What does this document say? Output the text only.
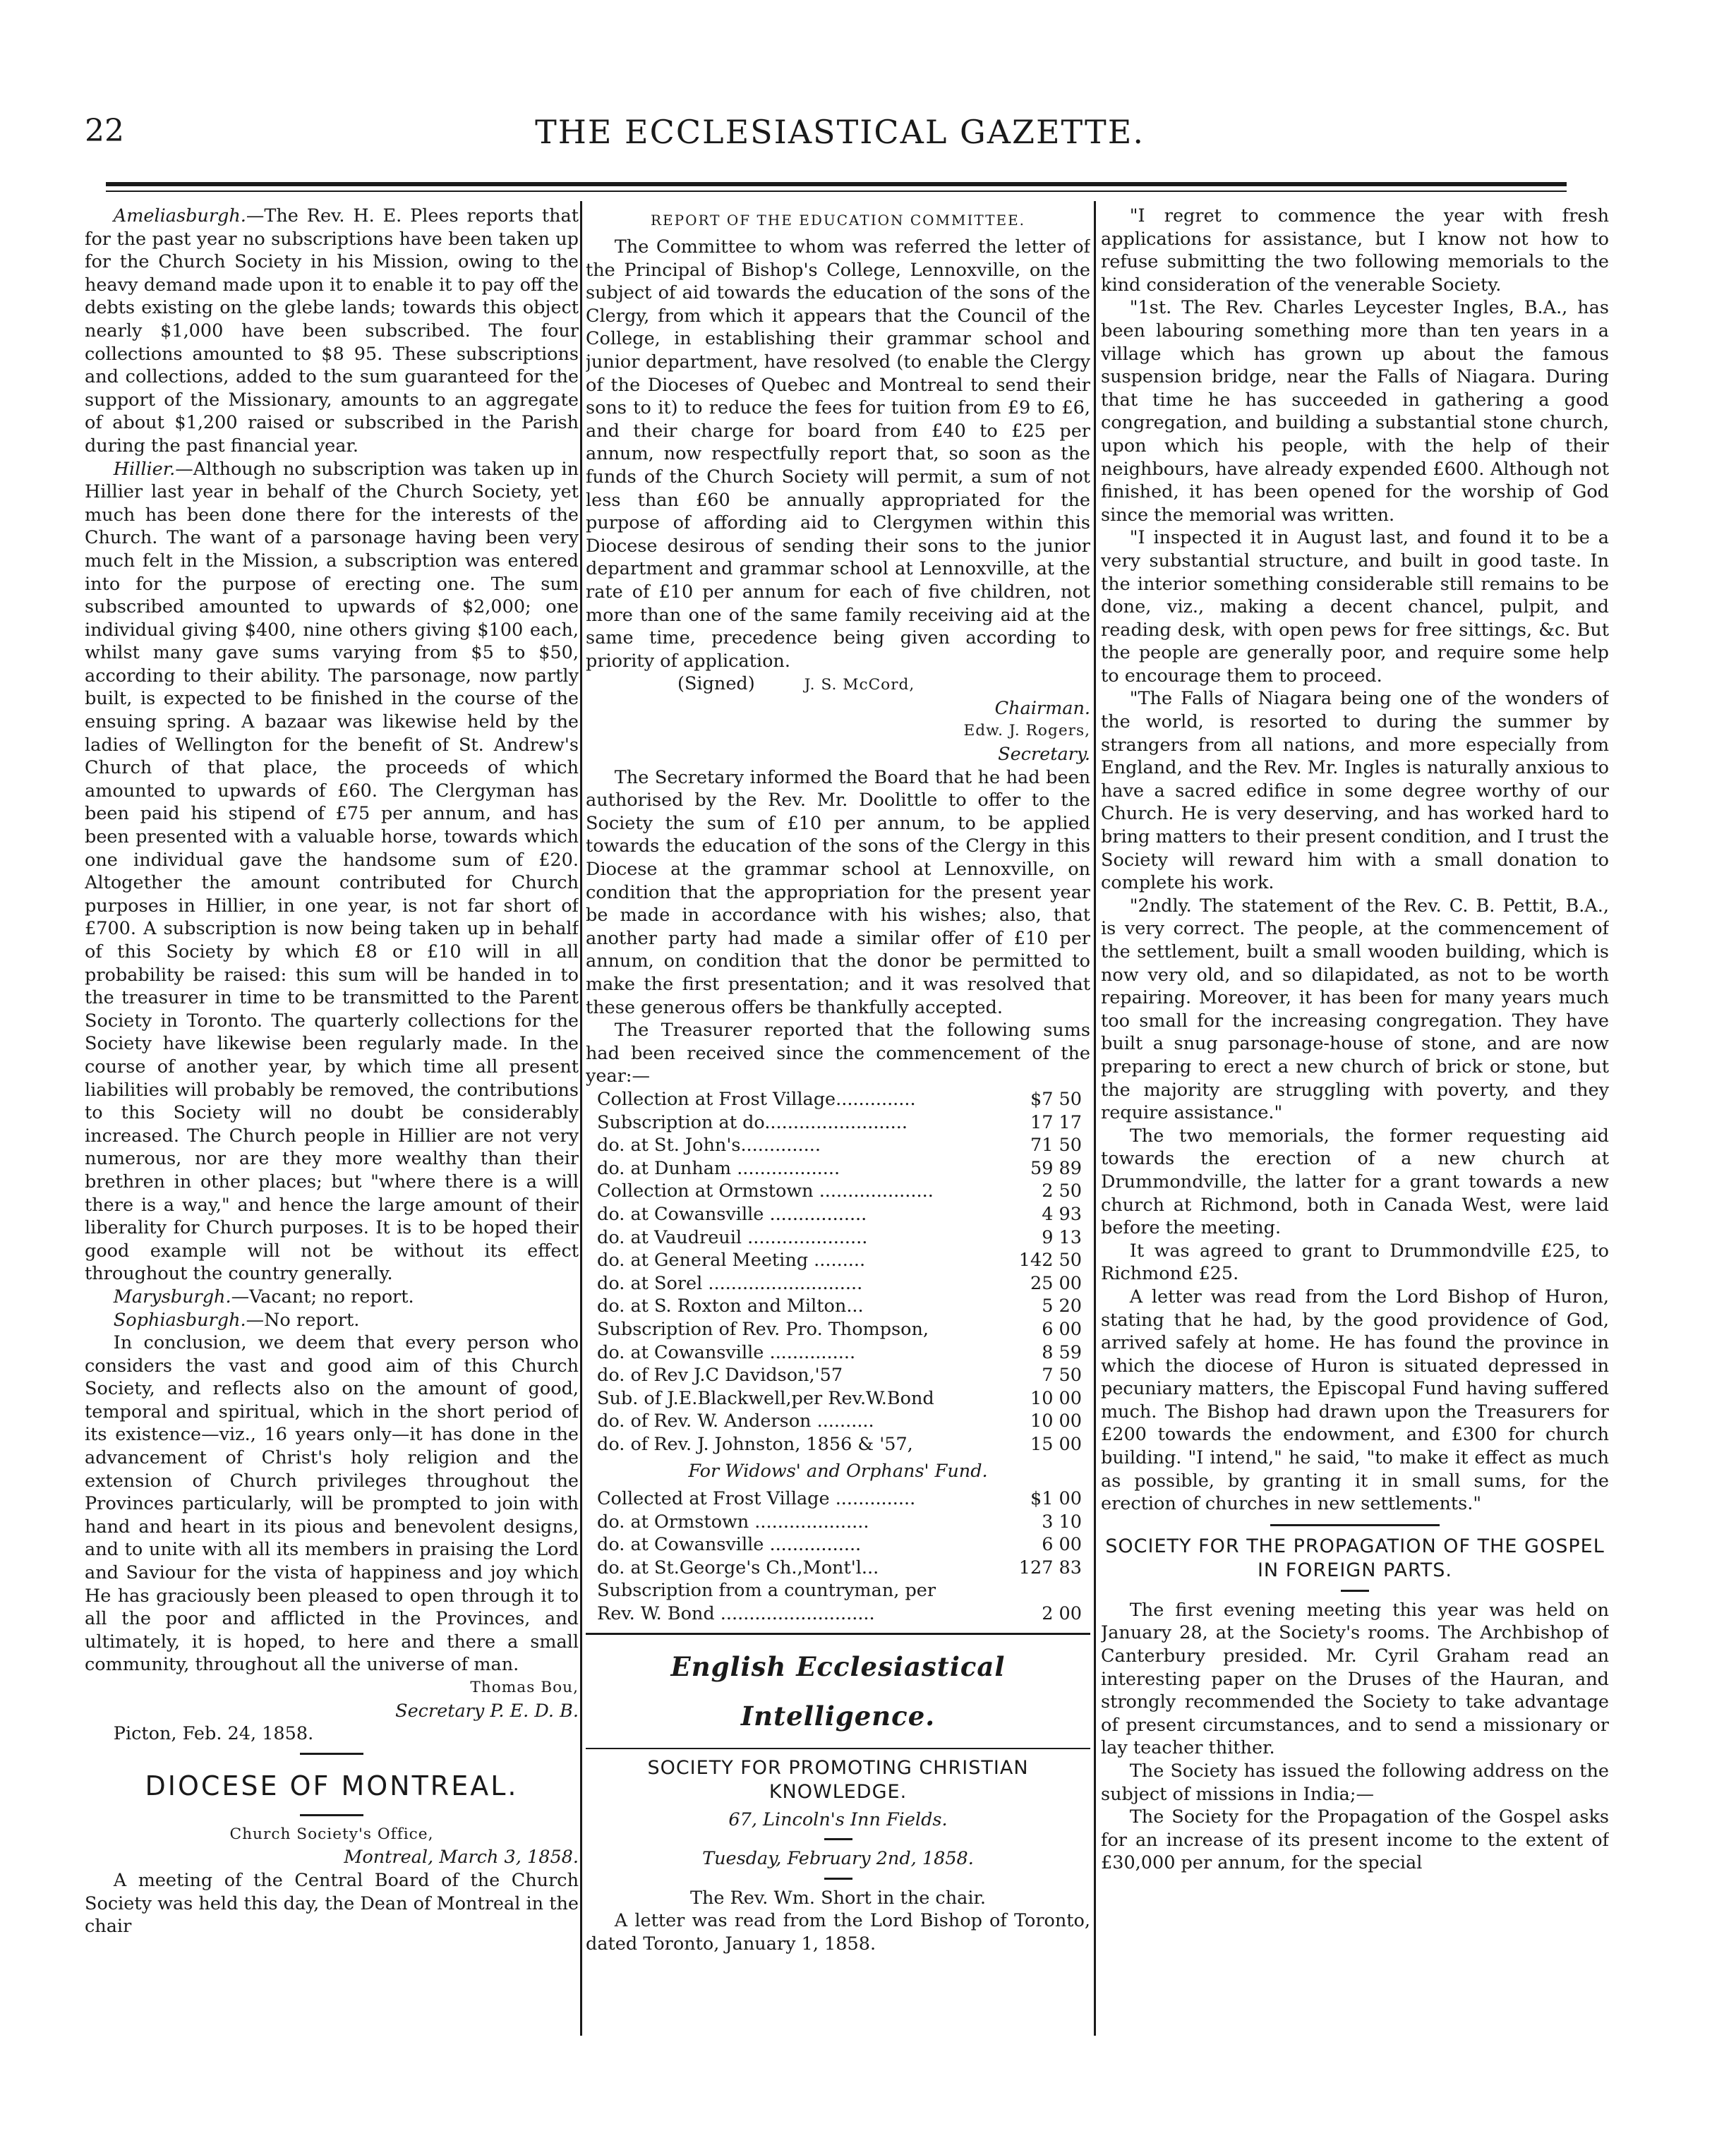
22	THE ECCLESIASTICAL GAZETTE.

Ameliasburgh.—The Rev. H. E. Plees reports that for the past year no subscriptions have been taken up for the Church Society in his Mission, owing to the heavy demand made upon it to enable it to pay off the debts existing on the glebe lands; towards this object nearly $1,000 have been subscribed. The four collections amounted to $8 95. These subscriptions and collections, added to the sum guaranteed for the support of the Missionary, amounts to an aggregate of about $1,200 raised or subscribed in the Parish during the past financial year.

Hillier.—Although no subscription was taken up in Hillier last year in behalf of the Church Society, yet much has been done there for the interests of the Church. The want of a parsonage having been very much felt in the Mission, a subscription was entered into for the purpose of erecting one. The sum subscribed amounted to upwards of $2,000; one individual giving $400, nine others giving $100 each, whilst many gave sums varying from $5 to $50, according to their ability. The parsonage, now partly built, is expected to be finished in the course of the ensuing spring. A bazaar was likewise held by the ladies of Wellington for the benefit of St. Andrew's Church of that place, the proceeds of which amounted to upwards of £60. The Clergyman has been paid his stipend of £75 per annum, and has been presented with a valuable horse, towards which one individual gave the handsome sum of £20. Altogether the amount contributed for Church purposes in Hillier, in one year, is not far short of £700. A subscription is now being taken up in behalf of this Society by which £8 or £10 will in all probability be raised: this sum will be handed in to the treasurer in time to be transmitted to the Parent Society in Toronto. The quarterly collections for the Society have likewise been regularly made. In the course of another year, by which time all present liabilities will probably be removed, the contributions to this Society will no doubt be considerably increased. The Church people in Hillier are not very numerous, nor are they more wealthy than their brethren in other places; but "where there is a will there is a way," and hence the large amount of their liberality for Church purposes. It is to be hoped their good example will not be without its effect throughout the country generally.

Marysburgh.—Vacant; no report.

Sophiasburgh.—No report.

In conclusion, we deem that every person who considers the vast and good aim of this Church Society, and reflects also on the amount of good, temporal and spiritual, which in the short period of its existence—viz., 16 years only—it has done in the advancement of Christ's holy religion and the extension of Church privileges throughout the Provinces particularly, will be prompted to join with hand and heart in its pious and benevolent designs, and to unite with all its members in praising the Lord and Saviour for the vista of happiness and joy which He has graciously been pleased to open through it to all the poor and afflicted in the Provinces, and ultimately, it is hoped, to here and there a small community, throughout all the universe of man.

Thomas Bou,

Secretary P. E. D. B.

Picton, Feb. 24, 1858.

DIOCESE OF MONTREAL.

Church Society's Office,

Montreal, March 3, 1858.

A meeting of the Central Board of the Church Society was held this day, the Dean of Montreal in the chair

REPORT OF THE EDUCATION COMMITTEE.

The Committee to whom was referred the letter of the Principal of Bishop's College, Lennoxville, on the subject of aid towards the education of the sons of the Clergy, from which it appears that the Council of the College, in establishing their grammar school and junior department, have resolved (to enable the Clergy of the Dioceses of Quebec and Montreal to send their sons to it) to reduce the fees for tuition from £9 to £6, and their charge for board from £40 to £25 per annum, now respectfully report that, so soon as the funds of the Church Society will permit, a sum of not less than £60 be annually appropriated for the purpose of affording aid to Clergymen within this Diocese desirous of sending their sons to the junior department and grammar school at Lennoxville, at the rate of £10 per annum for each of five children, not more than one of the same family receiving aid at the same time, precedence being given according to priority of application.

(Signed)	J. S. McCord,

Chairman.

Edw. J. Rogers,

Secretary.

The Secretary informed the Board that he had been authorised by the Rev. Mr. Doolittle to offer to the Society the sum of £10 per annum, to be applied towards the education of the sons of the Clergy in this Diocese at the grammar school at Lennoxville, on condition that the appropriation for the present year be made in accordance with his wishes; also, that another party had made a similar offer of £10 per annum, on condition that the donor be permitted to make the first presentation; and it was resolved that these generous offers be thankfully accepted.

The Treasurer reported that the following sums had been received since the commencement of the year:—

Collection at Frost Village..............	$7 50
Subscription at do.........................	17 17
do. at St. John's..............	71 50
do. at Dunham ..................	59 89
Collection at Ormstown ....................	2 50
do. at Cowansville .................	4 93
do. at Vaudreuil .....................	9 13
do. at General Meeting .........	142 50
do. at Sorel ...........................	25 00
do. at S. Roxton and Milton...	5 20
Subscription of Rev. Pro. Thompson,	6 00
do. at Cowansville ...............	8 59
do. of Rev J.C Davidson,'57	7 50
Sub. of J.E.Blackwell,per Rev.W.Bond	10 00
do. of Rev. W. Anderson ..........	10 00
do. of Rev. J. Johnston, 1856 & '57,	15 00
For Widows' and Orphans' Fund.
Collected at Frost Village ..............	$1 00
do. at Ormstown ....................	3 10
do. at Cowansville ................	6 00
do. at St.George's Ch.,Mont'l...	127 83
Subscription from a countryman, per	
Rev. W. Bond ...........................	2 00
English Ecclesiastical Intelligence.
SOCIETY FOR PROMOTING CHRISTIAN KNOWLEDGE.

67, Lincoln's Inn Fields.

Tuesday, February 2nd, 1858.

The Rev. Wm. Short in the chair.

A letter was read from the Lord Bishop of Toronto, dated Toronto, January 1, 1858.

"I regret to commence the year with fresh applications for assistance, but I know not how to refuse submitting the two following memorials to the kind consideration of the venerable Society.

"1st. The Rev. Charles Leycester Ingles, B.A., has been labouring something more than ten years in a village which has grown up about the famous suspension bridge, near the Falls of Niagara. During that time he has succeeded in gathering a good congregation, and building a substantial stone church, upon which his people, with the help of their neighbours, have already expended £600. Although not finished, it has been opened for the worship of God since the memorial was written.

"I inspected it in August last, and found it to be a very substantial structure, and built in good taste. In the interior something considerable still remains to be done, viz., making a decent chancel, pulpit, and reading desk, with open pews for free sittings, &c. But the people are generally poor, and require some help to encourage them to proceed.

"The Falls of Niagara being one of the wonders of the world, is resorted to during the summer by strangers from all nations, and more especially from England, and the Rev. Mr. Ingles is naturally anxious to have a sacred edifice in some degree worthy of our Church. He is very deserving, and has worked hard to bring matters to their present condition, and I trust the Society will reward him with a small donation to complete his work.

"2ndly. The statement of the Rev. C. B. Pettit, B.A., is very correct. The people, at the commencement of the settlement, built a small wooden building, which is now very old, and so dilapidated, as not to be worth repairing. Moreover, it has been for many years much too small for the increasing congregation. They have built a snug parsonage-house of stone, and are now preparing to erect a new church of brick or stone, but the majority are struggling with poverty, and they require assistance."

The two memorials, the former requesting aid towards the erection of a new church at Drummondville, the latter for a grant towards a new church at Richmond, both in Canada West, were laid before the meeting.

It was agreed to grant to Drummondville £25, to Richmond £25.

A letter was read from the Lord Bishop of Huron, stating that he had, by the good providence of God, arrived safely at home. He has found the province in which the diocese of Huron is situated depressed in pecuniary matters, the Episcopal Fund having suffered much. The Bishop had drawn upon the Treasurers for £200 towards the endowment, and £300 for church building. "I intend," he said, "to make it effect as much as possible, by granting it in small sums, for the erection of churches in new settlements."

SOCIETY FOR THE PROPAGATION OF THE GOSPEL IN FOREIGN PARTS.

The first evening meeting this year was held on January 28, at the Society's rooms. The Archbishop of Canterbury presided. Mr. Cyril Graham read an interesting paper on the Druses of the Hauran, and strongly recommended the Society to take advantage of present circumstances, and to send a missionary or lay teacher thither.

The Society has issued the following address on the subject of missions in India;—

The Society for the Propagation of the Gospel asks for an increase of its present income to the extent of £30,000 per annum, for the special
